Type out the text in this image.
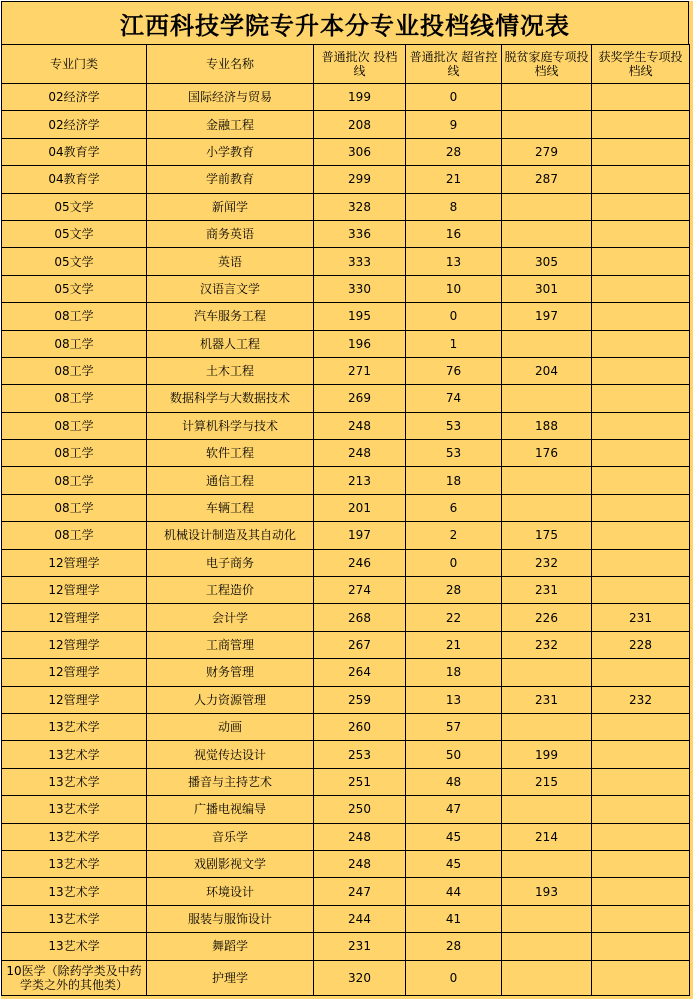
江西科技学院专升本分专业投档线情况表
专业门类	专业名称	普通批次 投档线	普通批次 超省控线	脱贫家庭专项投档线	获奖学生专项投档线
02经济学	国际经济与贸易	199	0		
02经济学	金融工程	208	9		
04教育学	小学教育	306	28	279	
04教育学	学前教育	299	21	287	
05文学	新闻学	328	8		
05文学	商务英语	336	16		
05文学	英语	333	13	305	
05文学	汉语言文学	330	10	301	
08工学	汽车服务工程	195	0	197	
08工学	机器人工程	196	1		
08工学	土木工程	271	76	204	
08工学	数据科学与大数据技术	269	74		
08工学	计算机科学与技术	248	53	188	
08工学	软件工程	248	53	176	
08工学	通信工程	213	18		
08工学	车辆工程	201	6		
08工学	机械设计制造及其自动化	197	2	175	
12管理学	电子商务	246	0	232	
12管理学	工程造价	274	28	231	
12管理学	会计学	268	22	226	231
12管理学	工商管理	267	21	232	228
12管理学	财务管理	264	18		
12管理学	人力资源管理	259	13	231	232
13艺术学	动画	260	57		
13艺术学	视觉传达设计	253	50	199	
13艺术学	播音与主持艺术	251	48	215	
13艺术学	广播电视编导	250	47		
13艺术学	音乐学	248	45	214	
13艺术学	戏剧影视文学	248	45		
13艺术学	环境设计	247	44	193	
13艺术学	服装与服饰设计	244	41		
13艺术学	舞蹈学	231	28		
10医学（除药学类及中药学类之外的其他类）	护理学	320	0		
